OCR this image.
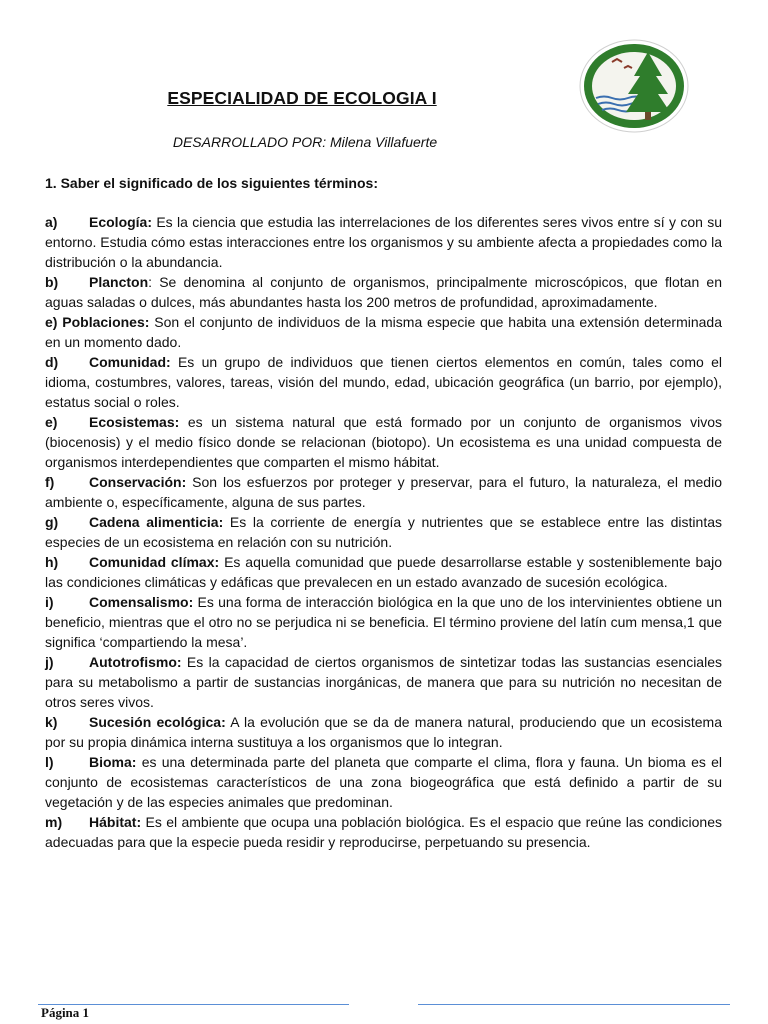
ESPECIALIDAD DE ECOLOGIA I
DESARROLLADO POR: Milena Villafuerte
1. Saber el significado de los siguientes términos:

a) Ecología: Es la ciencia que estudia las interrelaciones de los diferentes seres vivos entre sí y con su entorno. Estudia cómo estas interacciones entre los organismos y su ambiente afecta a propiedades como la distribución o la abundancia.

b) Plancton: Se denomina al conjunto de organismos, principalmente microscópicos, que flotan en aguas saladas o dulces, más abundantes hasta los 200 metros de profundidad, aproximadamente.

e) Poblaciones: Son el conjunto de individuos de la misma especie que habita una extensión determinada en un momento dado.

d) Comunidad: Es un grupo de individuos que tienen ciertos elementos en común, tales como el idioma, costumbres, valores, tareas, visión del mundo, edad, ubicación geográfica (un barrio, por ejemplo), estatus social o roles.

e) Ecosistemas: es un sistema natural que está formado por un conjunto de organismos vivos (biocenosis) y el medio físico donde se relacionan (biotopo). Un ecosistema es una unidad compuesta de organismos interdependientes que comparten el mismo hábitat.

f) Conservación: Son los esfuerzos por proteger y preservar, para el futuro, la naturaleza, el medio ambiente o, específicamente, alguna de sus partes.

g) Cadena alimenticia: Es la corriente de energía y nutrientes que se establece entre las distintas especies de un ecosistema en relación con su nutrición.

h) Comunidad clímax: Es aquella comunidad que puede desarrollarse estable y sosteniblemente bajo las condiciones climáticas y edáficas que prevalecen en un estado avanzado de sucesión ecológica.

i)	Comensalismo: Es una forma de interacción biológica en la que uno de los intervinientes obtiene un beneficio, mientras que el otro no se perjudica ni se beneficia. El término proviene del latín cum mensa,1 que significa ‘compartiendo la mesa’.

j)	Autotrofismo: Es la capacidad de ciertos organismos de sintetizar todas las sustancias esenciales para su metabolismo a partir de sustancias inorgánicas, de manera que para su nutrición no necesitan de otros seres vivos.

k) Sucesión ecológica: A la evolución que se da de manera natural, produciendo que un ecosistema por su propia dinámica interna sustituya a los organismos que lo integran.

l)	Bioma: es una determinada parte del planeta que comparte el clima, flora y fauna. Un bioma es el conjunto de ecosistemas característicos de una zona biogeográfica que está definido a partir de su vegetación y de las especies animales que predominan.

m) Hábitat: Es el ambiente que ocupa una población biológica. Es el espacio que reúne las condiciones adecuadas para que la especie pueda residir y reproducirse, perpetuando su presencia.

Página 1
